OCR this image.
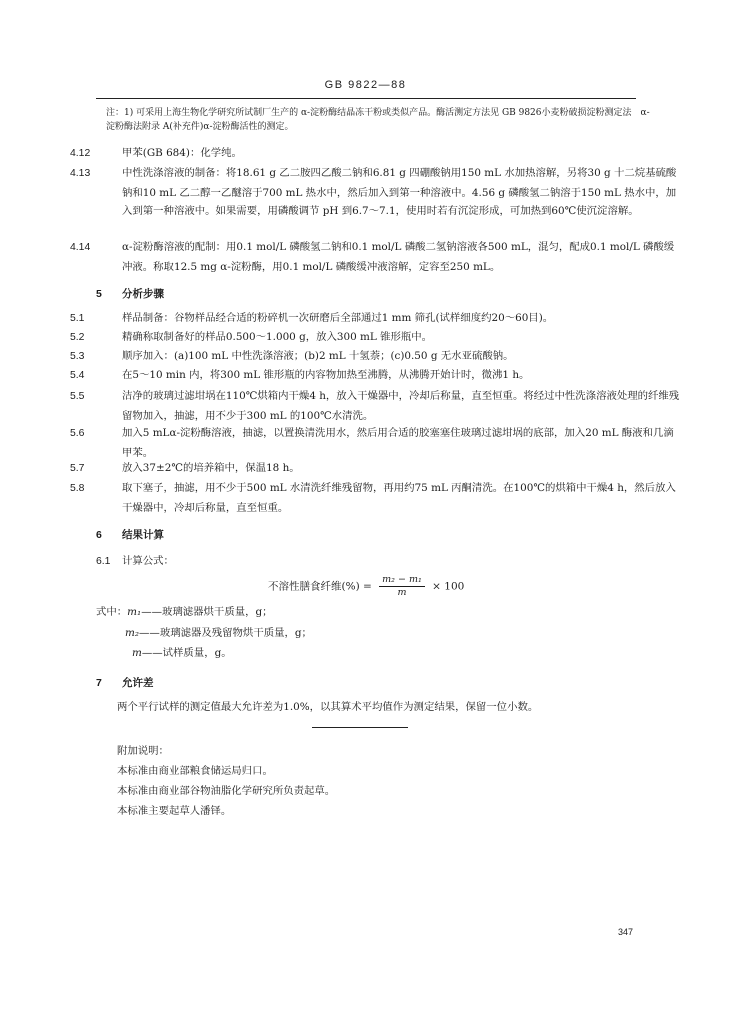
GB 9822—88
注：1) 可采用上海生物化学研究所试制厂生产的 α-淀粉酶结晶冻干粉或类似产品。酶活测定方法见 GB 9826小麦粉破损淀粉测定法　α-淀粉酶法附录 A(补充件)α-淀粉酶活性的测定。
4.12	甲苯(GB 684)：化学纯。
4.13	中性洗涤溶液的制备：将18.61 g 乙二胺四乙酸二钠和6.81 g 四硼酸钠用150 mL 水加热溶解，另将30 g 十二烷基硫酸钠和10 mL 乙二醇一乙醚溶于700 mL 热水中，然后加入到第一种溶液中。4.56 g 磷酸氢二钠溶于150 mL 热水中，加入到第一种溶液中。如果需要，用磷酸调节 pH 到6.7～7.1，使用时若有沉淀形成，可加热到60℃使沉淀溶解。
4.14	α-淀粉酶溶液的配制：用0.1 mol/L 磷酸氢二钠和0.1 mol/L 磷酸二氢钠溶液各500 mL，混匀，配成0.1 mol/L 磷酸缓冲液。称取12.5 mg α-淀粉酶，用0.1 mol/L 磷酸缓冲液溶解，定容至250 mL。
5 分析步骤
5.1	样品制备：谷物样品经合适的粉碎机一次研磨后全部通过1 mm 筛孔(试样细度约20～60目)。
5.2	精确称取制备好的样品0.500～1.000 g，放入300 mL 锥形瓶中。
5.3	顺序加入：(a)100 mL 中性洗涤溶液；(b)2 mL 十氢萘；(c)0.50 g 无水亚硫酸钠。
5.4	在5～10 min 内，将300 mL 锥形瓶的内容物加热至沸腾，从沸腾开始计时，微沸1 h。
5.5	洁净的玻璃过滤坩埚在110℃烘箱内干燥4 h，放入干燥器中，冷却后称量，直至恒重。将经过中性洗涤溶液处理的纤维残留物加入，抽滤，用不少于300 mL 的100℃水清洗。
5.6	加入5 mLα-淀粉酶溶液，抽滤，以置换清洗用水，然后用合适的胶塞塞住玻璃过滤坩埚的底部，加入20 mL 酶液和几滴甲苯。
5.7	放入37±2℃的培养箱中，保温18 h。
5.8	取下塞子，抽滤，用不少于500 mL 水清洗纤维残留物，再用约75 mL 丙酮清洗。在100℃的烘箱中干燥4 h，然后放入干燥器中，冷却后称量，直至恒重。
6 结果计算
6.1 计算公式：
不溶性膳食纤维(%) = $\frac{\text{m₂ − m₁}}{m} \times 100$
式中：m₁——玻璃滤器烘干质量，g；
m₂——玻璃滤器及残留物烘干质量，g；
m——试样质量，g。
7 允许差
两个平行试样的测定值最大允许差为1.0%，以其算术平均值作为测定结果，保留一位小数。
附加说明：
本标准由商业部粮食储运局归口。
本标准由商业部谷物油脂化学研究所负责起草。
本标准主要起草人潘铎。
347
